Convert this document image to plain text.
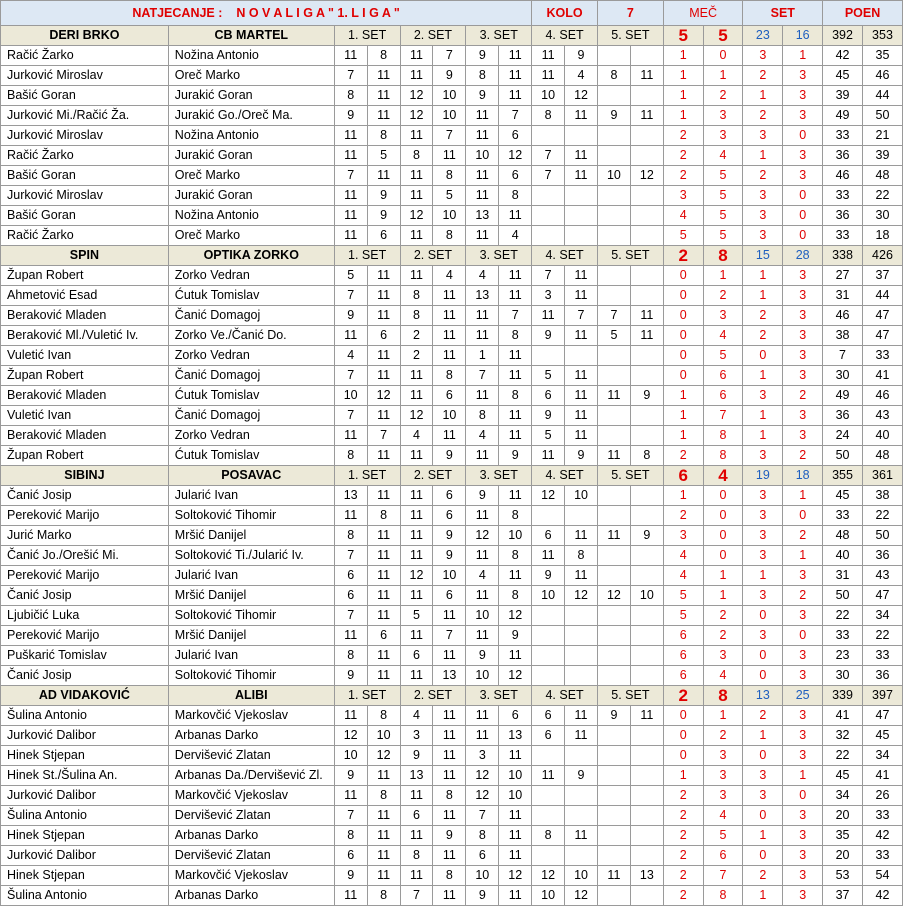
NATJECANJE : N O V A L I G A " 1. L I G A "								KOLO		7		MEČ		SET		POEN	
DERI BRKO	CB MARTEL	1. SET		2. SET		3. SET		4. SET		5. SET		5	5	23	16	392	353
Račić Žarko	Nožina Antonio	11	8	11	7	9	11	11	9			1	0	3	1	42	35
Jurković Miroslav	Oreč Marko	7	11	11	9	8	11	11	4	8	11	1	1	2	3	45	46
Bašić Goran	Jurakić Goran	8	11	12	10	9	11	10	12			1	2	1	3	39	44
Jurković Mi./Račić Ža.	Jurakić Go./Oreč Ma.	9	11	12	10	11	7	8	11	9	11	1	3	2	3	49	50
Jurković Miroslav	Nožina Antonio	11	8	11	7	11	6					2	3	3	0	33	21
Račić Žarko	Jurakić Goran	11	5	8	11	10	12	7	11			2	4	1	3	36	39
Bašić Goran	Oreč Marko	7	11	11	8	11	6	7	11	10	12	2	5	2	3	46	48
Jurković Miroslav	Jurakić Goran	11	9	11	5	11	8					3	5	3	0	33	22
Bašić Goran	Nožina Antonio	11	9	12	10	13	11					4	5	3	0	36	30
Račić Žarko	Oreč Marko	11	6	11	8	11	4					5	5	3	0	33	18
SPIN	OPTIKA ZORKO	1. SET		2. SET		3. SET		4. SET		5. SET		2	8	15	28	338	426
Župan Robert	Zorko Vedran	5	11	11	4	4	11	7	11			0	1	1	3	27	37
Ahmetović Esad	Ćutuk Tomislav	7	11	8	11	13	11	3	11			0	2	1	3	31	44
Beraković Mladen	Čanić Domagoj	9	11	8	11	11	7	11	7	7	11	0	3	2	3	46	47
Beraković Ml./Vuletić Iv.	Zorko Ve./Čanić Do.	11	6	2	11	11	8	9	11	5	11	0	4	2	3	38	47
Vuletić Ivan	Zorko Vedran	4	11	2	11	1	11					0	5	0	3	7	33
Župan Robert	Čanić Domagoj	7	11	11	8	7	11	5	11			0	6	1	3	30	41
Beraković Mladen	Ćutuk Tomislav	10	12	11	6	11	8	6	11	11	9	1	6	3	2	49	46
Vuletić Ivan	Čanić Domagoj	7	11	12	10	8	11	9	11			1	7	1	3	36	43
Beraković Mladen	Zorko Vedran	11	7	4	11	4	11	5	11			1	8	1	3	24	40
Župan Robert	Ćutuk Tomislav	8	11	11	9	11	9	11	9	11	8	2	8	3	2	50	48
SIBINJ	POSAVAC	1. SET		2. SET		3. SET		4. SET		5. SET		6	4	19	18	355	361
Čanić Josip	Jularić Ivan	13	11	11	6	9	11	12	10			1	0	3	1	45	38
Pereković Marijo	Soltoković Tihomir	11	8	11	6	11	8					2	0	3	0	33	22
Jurić Marko	Mršić Danijel	8	11	11	9	12	10	6	11	11	9	3	0	3	2	48	50
Čanić Jo./Orešić Mi.	Soltoković Ti./Jularić Iv.	7	11	11	9	11	8	11	8			4	0	3	1	40	36
Pereković Marijo	Jularić Ivan	6	11	12	10	4	11	9	11			4	1	1	3	31	43
Čanić Josip	Mršić Danijel	6	11	11	6	11	8	10	12	12	10	5	1	3	2	50	47
Ljubičić Luka	Soltoković Tihomir	7	11	5	11	10	12					5	2	0	3	22	34
Pereković Marijo	Mršić Danijel	11	6	11	7	11	9					6	2	3	0	33	22
Puškarić Tomislav	Jularić Ivan	8	11	6	11	9	11					6	3	0	3	23	33
Čanić Josip	Soltoković Tihomir	9	11	11	13	10	12					6	4	0	3	30	36
AD VIDAKOVIĆ	ALIBI	1. SET		2. SET		3. SET		4. SET		5. SET		2	8	13	25	339	397
Šulina Antonio	Markovčić Vjekoslav	11	8	4	11	11	6	6	11	9	11	0	1	2	3	41	47
Jurković Dalibor	Arbanas Darko	12	10	3	11	11	13	6	11			0	2	1	3	32	45
Hinek Stjepan	Dervišević Zlatan	10	12	9	11	3	11					0	3	0	3	22	34
Hinek St./Šulina An.	Arbanas Da./Dervišević Zl.	9	11	13	11	12	10	11	9			1	3	3	1	45	41
Jurković Dalibor	Markovčić Vjekoslav	11	8	11	8	12	10					2	3	3	0	34	26
Šulina Antonio	Dervišević Zlatan	7	11	6	11	7	11					2	4	0	3	20	33
Hinek Stjepan	Arbanas Darko	8	11	11	9	8	11	8	11			2	5	1	3	35	42
Jurković Dalibor	Dervišević Zlatan	6	11	8	11	6	11					2	6	0	3	20	33
Hinek Stjepan	Markovčić Vjekoslav	9	11	11	8	10	12	12	10	11	13	2	7	2	3	53	54
Šulina Antonio	Arbanas Darko	11	8	7	11	9	11	10	12			2	8	1	3	37	42
